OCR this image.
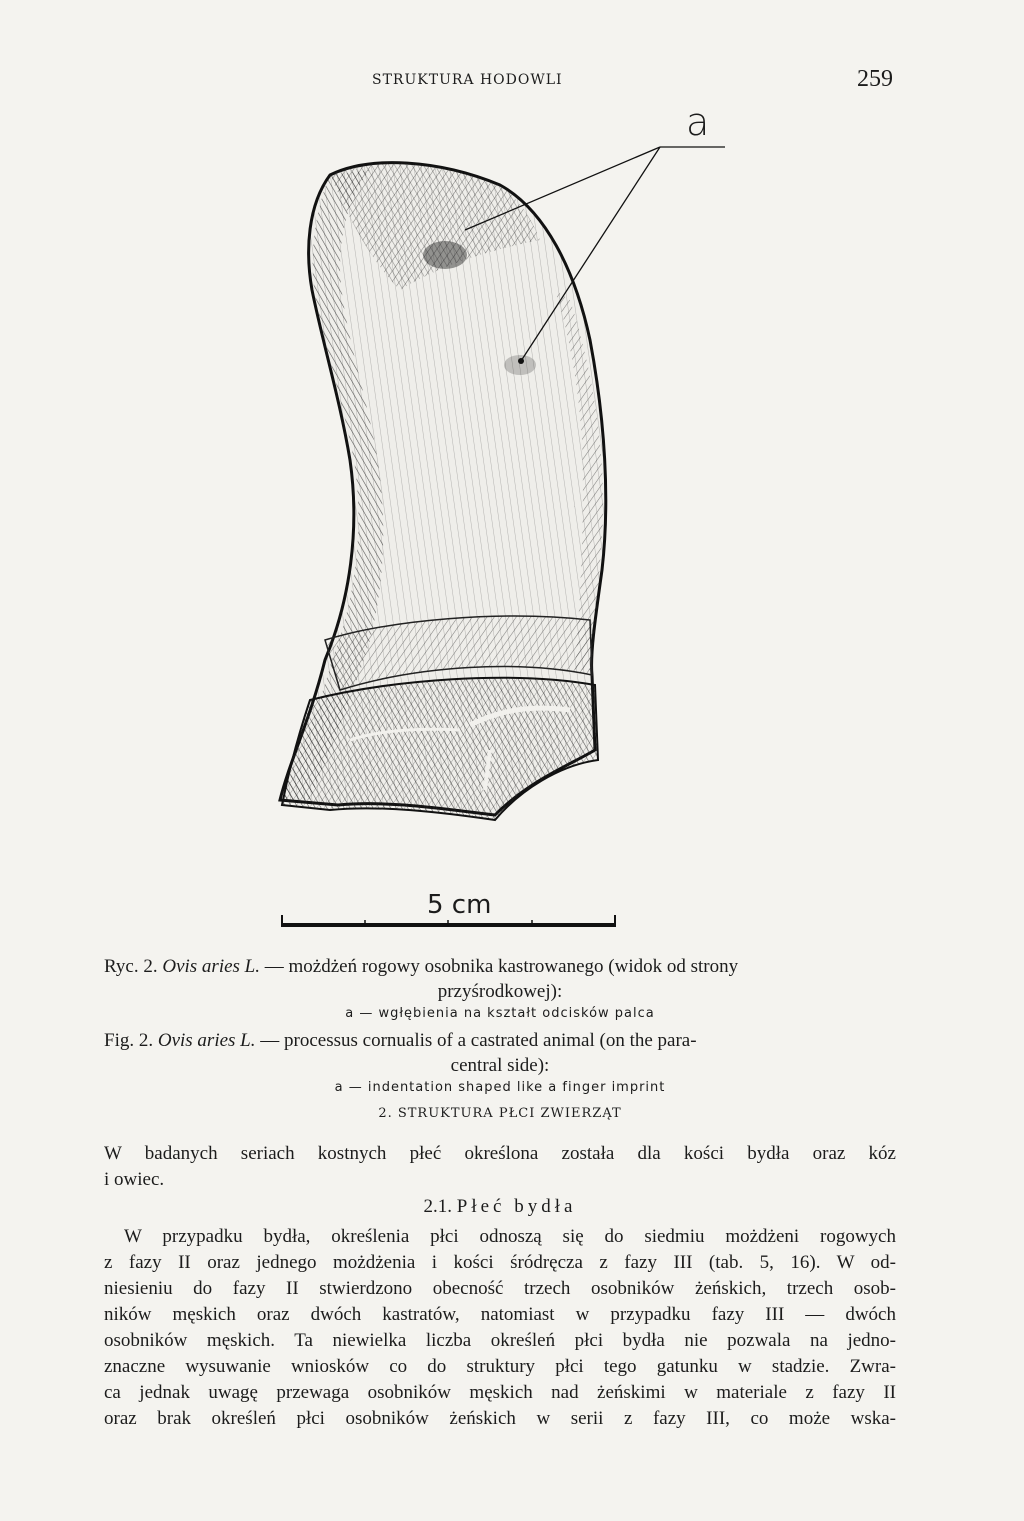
STRUKTURA HODOWLI	259
a
5 cm
Ryc. 2. Ovis aries L. — możdżeń rogowy osobnika kastrowanego (widok od strony
przyśrodkowej):
a — wgłębienia na kształt odcisków palca
Fig. 2. Ovis aries L. — processus cornualis of a castrated animal (on the para-
central side):
a — indentation shaped like a finger imprint
2. STRUKTURA PŁCI ZWIERZĄT
W badanych seriach kostnych płeć określona została dla kości bydła oraz kóz
i owiec.
2.1. Płeć bydła
W przypadku bydła, określenia płci odnoszą się do siedmiu możdżeni rogowych
z fazy II oraz jednego możdżenia i kości śródręcza z fazy III (tab. 5, 16). W od-
niesieniu do fazy II stwierdzono obecność trzech osobników żeńskich, trzech osob-
ników męskich oraz dwóch kastratów, natomiast w przypadku fazy III — dwóch
osobników męskich. Ta niewielka liczba określeń płci bydła nie pozwala na jedno-
znaczne wysuwanie wniosków co do struktury płci tego gatunku w stadzie. Zwra-
ca jednak uwagę przewaga osobników męskich nad żeńskimi w materiale z fazy II
oraz brak określeń płci osobników żeńskich w serii z fazy III, co może wska-
